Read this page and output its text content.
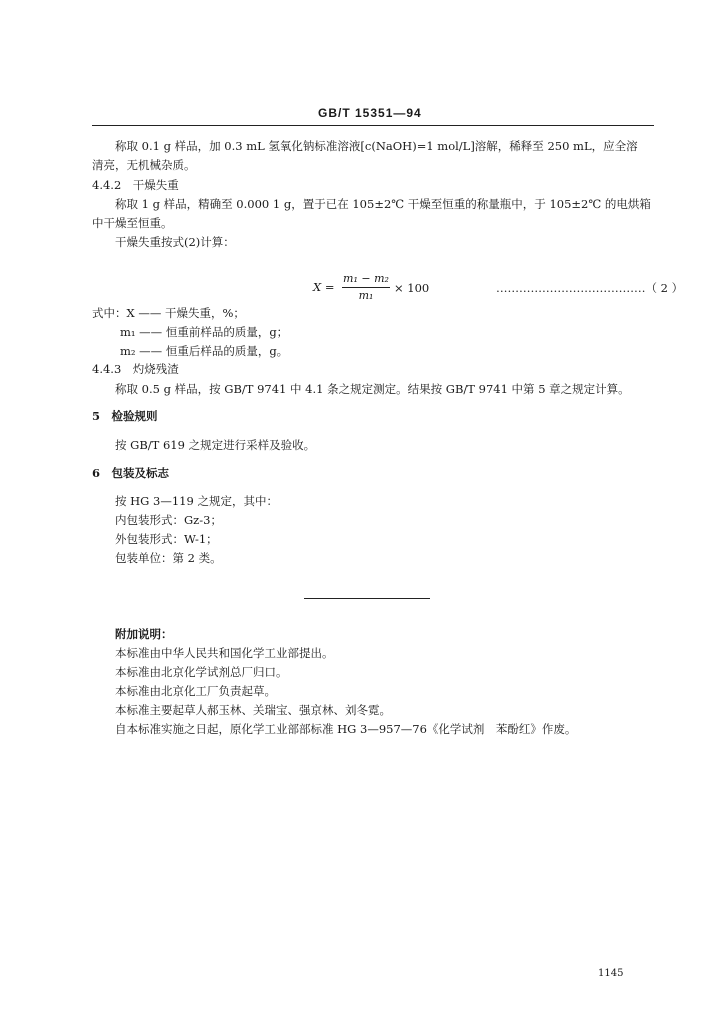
GB/T 15351—94
称取 0.1 g 样品，加 0.3 mL 氢氧化钠标准溶液[c(NaOH)=1 mol/L]溶解，稀释至 250 mL，应全溶
清亮，无机械杂质。
4.4.2　干燥失重
称取 1 g 样品，精确至 0.000 1 g，置于已在 105±2℃ 干燥至恒重的称量瓶中，于 105±2℃ 的电烘箱
中干燥至恒重。
干燥失重按式(2)计算：
X =
m₁ − m₂
m₁
× 100	…………………………………（ 2 ）
式中：X —— 干燥失重，%；
m₁ —— 恒重前样品的质量，g；
m₂ —— 恒重后样品的质量，g。
4.4.3　灼烧残渣
称取 0.5 g 样品，按 GB/T 9741 中 4.1 条之规定测定。结果按 GB/T 9741 中第 5 章之规定计算。
5　检验规则
按 GB/T 619 之规定进行采样及验收。
6　包装及标志
按 HG 3—119 之规定，其中：
内包装形式：Gz-3；
外包装形式：W-1；
包装单位：第 2 类。
附加说明：
本标准由中华人民共和国化学工业部提出。
本标准由北京化学试剂总厂归口。
本标准由北京化工厂负责起草。
本标准主要起草人郝玉林、关瑞宝、强京林、刘冬霓。
自本标准实施之日起，原化学工业部部标准 HG 3—957—76《化学试剂　苯酚红》作废。
1145
